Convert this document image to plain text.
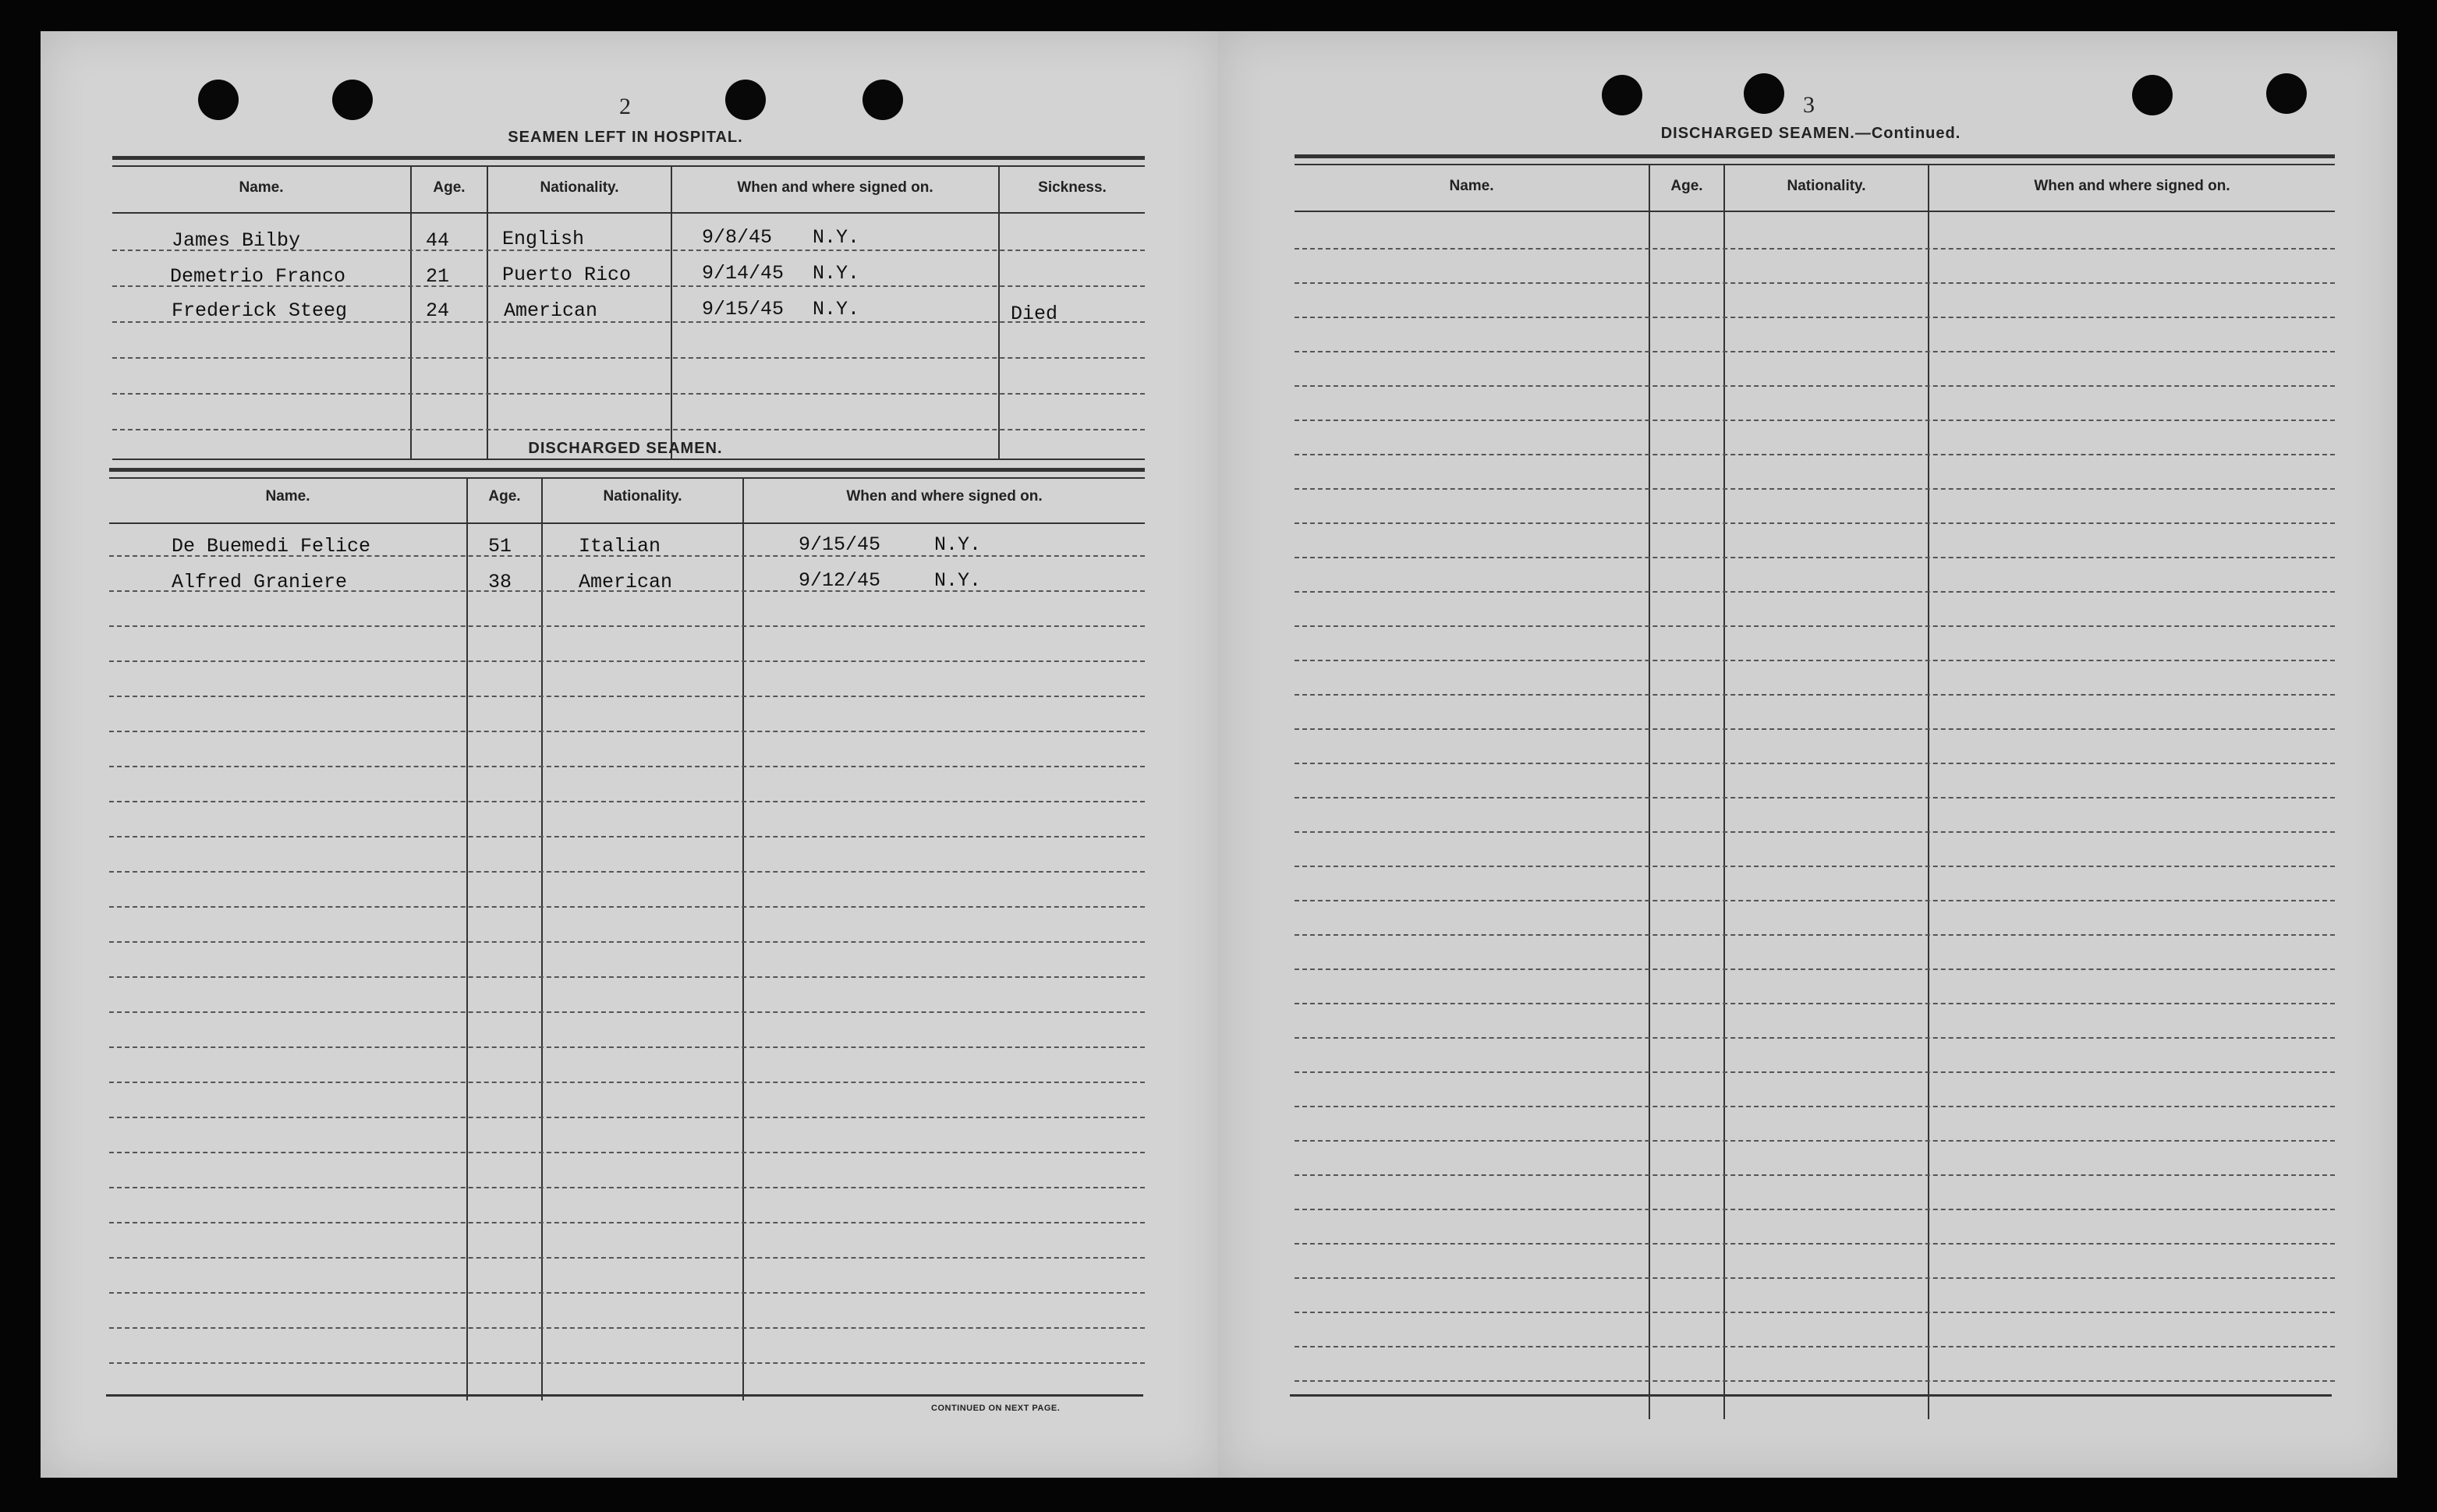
2
SEAMEN LEFT IN HOSPITAL.
Name.	Age.	Nationality.	When and where signed on.	Sickness.
James Bilby	44	English	9/8/45 N.Y.
Demetrio Franco	21	Puerto Rico	9/14/45 N.Y.
Frederick Steeg	24	American	9/15/45 N.Y.	Died
DISCHARGED SEAMEN.
Name.	Age.	Nationality.	When and where signed on.
De Buemedi Felice	51	Italian	9/15/45	N.Y.
Alfred Graniere	38	American	9/12/45	N.Y.
CONTINUED ON NEXT PAGE.
3
DISCHARGED SEAMEN.—Continued.
Name.	Age.	Nationality.	When and where signed on.
